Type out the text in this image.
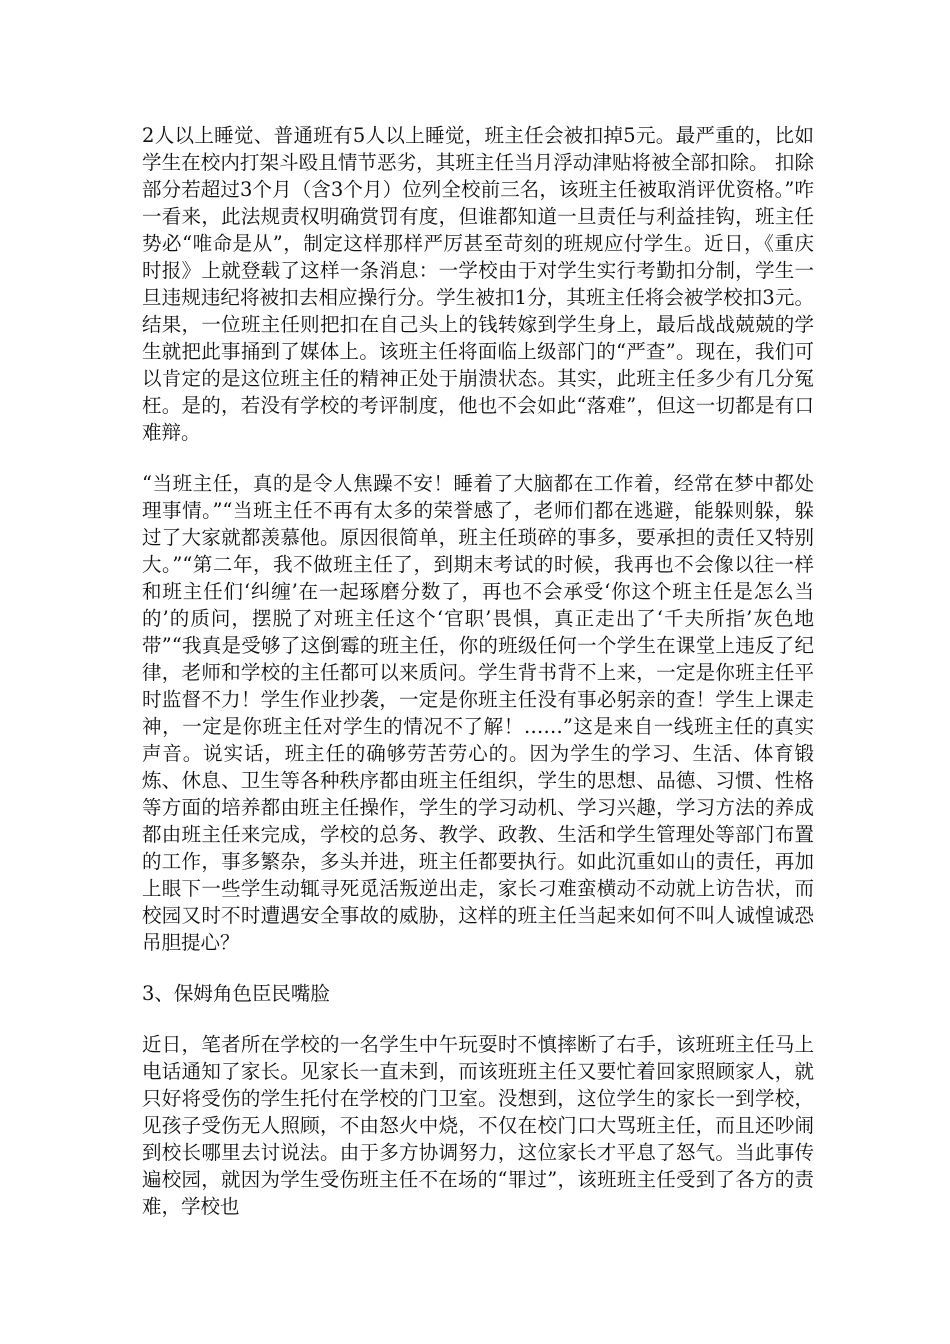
2人以上睡觉、普通班有5人以上睡觉，班主任会被扣掉5元。最严重的，比如学生在校内打架斗殴且情节恶劣，其班主任当月浮动津贴将被全部扣除。 扣除部分若超过3个月（含3个月）位列全校前三名，该班主任被取消评优资格。”咋一看来，此法规责权明确赏罚有度，但谁都知道一旦责任与利益挂钩，班主任势必“唯命是从”，制定这样那样严厉甚至苛刻的班规应付学生。近日，《重庆时报》上就登载了这样一条消息：一学校由于对学生实行考勤扣分制，学生一旦违规违纪将被扣去相应操行分。学生被扣1分，其班主任将会被学校扣3元。结果，一位班主任则把扣在自己头上的钱转嫁到学生身上，最后战战兢兢的学生就把此事捅到了媒体上。该班主任将面临上级部门的“严查”。现在，我们可以肯定的是这位班主任的精神正处于崩溃状态。其实，此班主任多少有几分冤枉。是的，若没有学校的考评制度，他也不会如此“落难”，但这一切都是有口难辩。

“当班主任，真的是令人焦躁不安！睡着了大脑都在工作着，经常在梦中都处理事情。”“当班主任不再有太多的荣誉感了，老师们都在逃避，能躲则躲，躲过了大家就都羡慕他。原因很简单，班主任琐碎的事多，要承担的责任又特别大。”“第二年，我不做班主任了，到期末考试的时候，我再也不会像以往一样和班主任们‘纠缠’在一起琢磨分数了，再也不会承受‘你这个班主任是怎么当的’的质问，摆脱了对班主任这个‘官职’畏惧，真正走出了‘千夫所指’灰色地带”“我真是受够了这倒霉的班主任，你的班级任何一个学生在课堂上违反了纪律，老师和学校的主任都可以来质问。学生背书背不上来，一定是你班主任平时监督不力！学生作业抄袭，一定是你班主任没有事必躬亲的查！学生上课走神，一定是你班主任对学生的情况不了解！……”这是来自一线班主任的真实声音。说实话，班主任的确够劳苦劳心的。因为学生的学习、生活、体育锻炼、休息、卫生等各种秩序都由班主任组织，学生的思想、品德、习惯、性格等方面的培养都由班主任操作，学生的学习动机、学习兴趣，学习方法的养成都由班主任来完成，学校的总务、教学、政教、生活和学生管理处等部门布置的工作，事多繁杂，多头并进，班主任都要执行。如此沉重如山的责任，再加上眼下一些学生动辄寻死觅活叛逆出走，家长刁难蛮横动不动就上访告状，而校园又时不时遭遇安全事故的威胁，这样的班主任当起来如何不叫人诚惶诚恐吊胆提心？

3、保姆角色臣民嘴脸

近日，笔者所在学校的一名学生中午玩耍时不慎摔断了右手，该班班主任马上电话通知了家长。见家长一直未到，而该班班主任又要忙着回家照顾家人，就只好将受伤的学生托付在学校的门卫室。没想到，这位学生的家长一到学校，见孩子受伤无人照顾，不由怒火中烧，不仅在校门口大骂班主任，而且还吵闹到校长哪里去讨说法。由于多方协调努力，这位家长才平息了怒气。当此事传遍校园，就因为学生受伤班主任不在场的“罪过”，该班班主任受到了各方的责难，学校也
